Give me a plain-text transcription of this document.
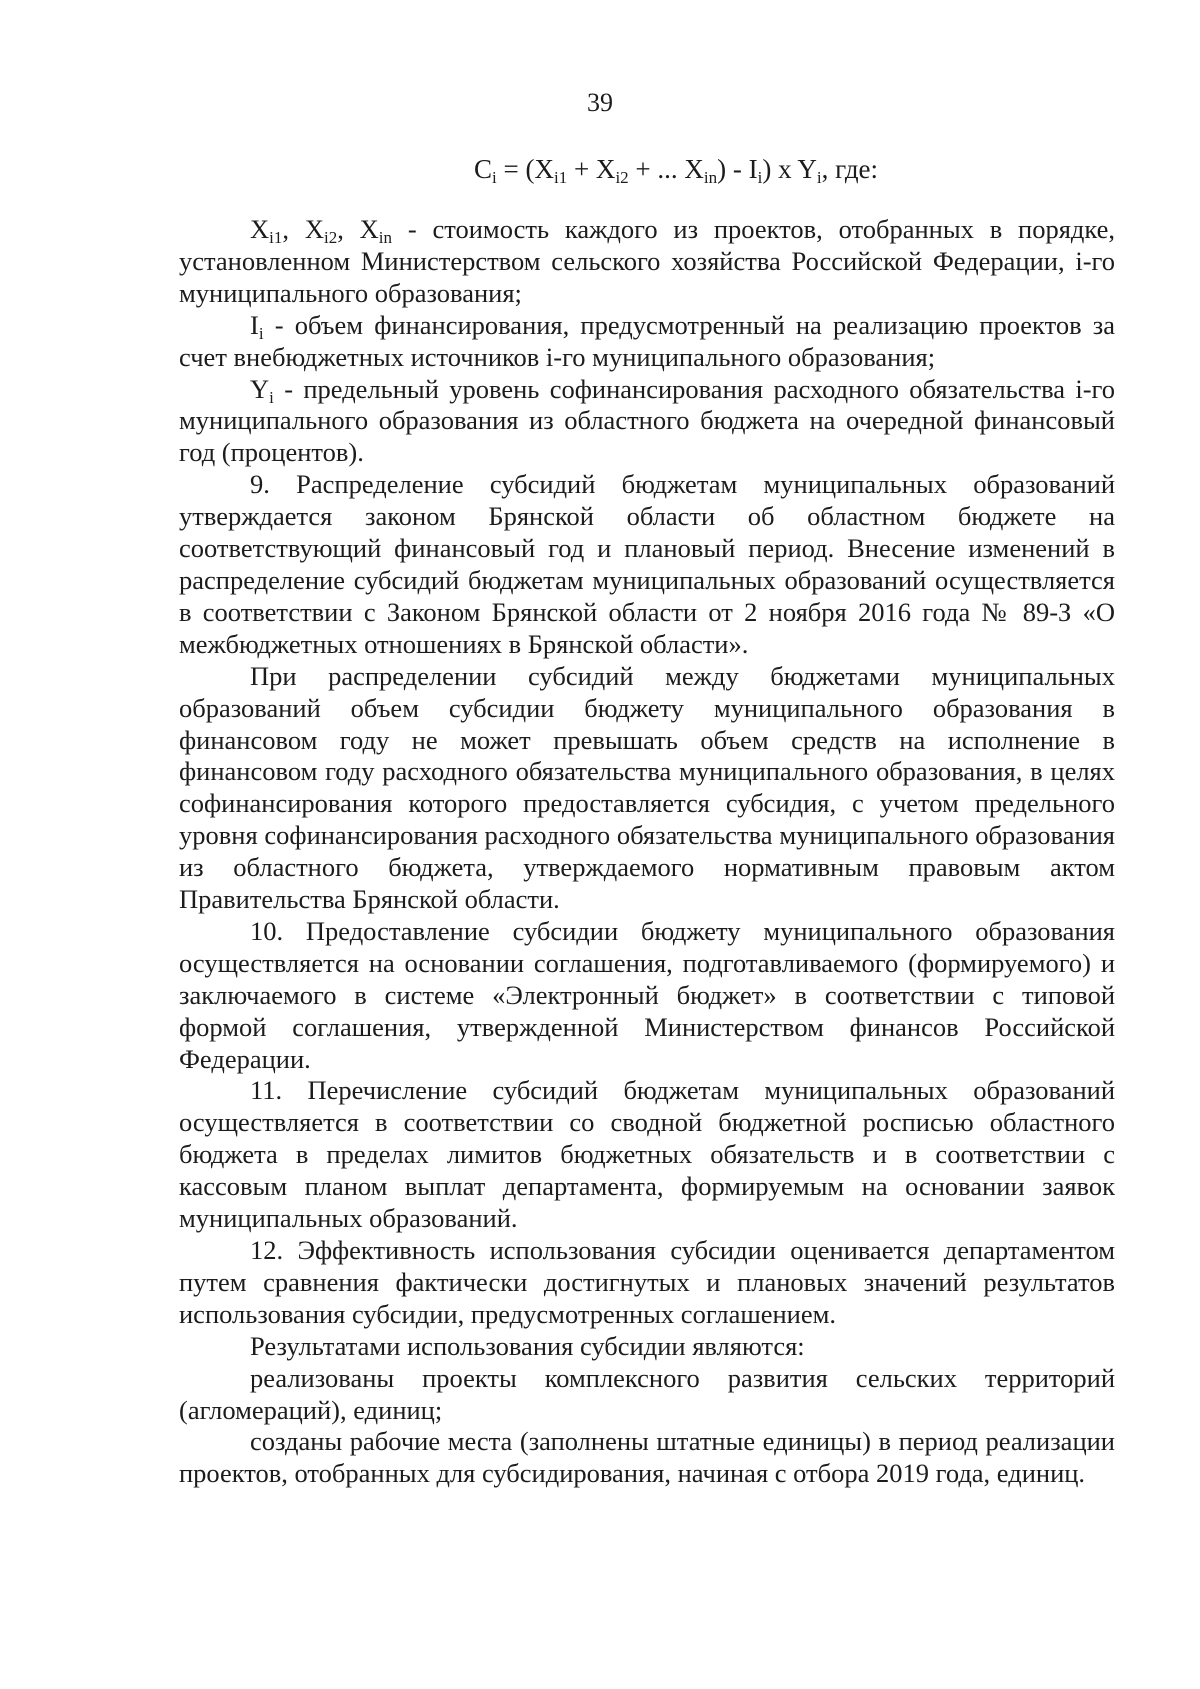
39
$C_i = (X_{i1} + X_{i2}$ + ... $X_{in}) - I_i$) x $Y_i$, где:

$X_{i1}$, $X_{i2}$, $X_{in}$ - стоимость каждого из проектов, отобранных в порядке, установленном Министерством сельского хозяйства Российской Федерации, i-го муниципального образования;

$I_i$ - объем финансирования, предусмотренный на реализацию проектов за счет внебюджетных источников i-го муниципального образования;

$Y_i$ - предельный уровень софинансирования расходного обязательства i-го муниципального образования из областного бюджета на очередной финансовый год (процентов).

9. Распределение субсидий бюджетам муниципальных образований утверждается законом Брянской области об областном бюджете на соответствующий финансовый год и плановый период. Внесение изменений в распределение субсидий бюджетам муниципальных образований осуществляется в соответствии с Законом Брянской области от 2 ноября 2016 года № 89-З «О межбюджетных отношениях в Брянской области».

При распределении субсидий между бюджетами муниципальных образований объем субсидии бюджету муниципального образования в финансовом году не может превышать объем средств на исполнение в финансовом году расходного обязательства муниципального образования, в целях софинансирования которого предоставляется субсидия, с учетом предельного уровня софинансирования расходного обязательства муниципального образования из областного бюджета, утверждаемого нормативным правовым актом Правительства Брянской области.

10. Предоставление субсидии бюджету муниципального образования осуществляется на основании соглашения, подготавливаемого (формируемого) и заключаемого в системе «Электронный бюджет» в соответствии с типовой формой соглашения, утвержденной Министерством финансов Российской Федерации.

11. Перечисление субсидий бюджетам муниципальных образований осуществляется в соответствии со сводной бюджетной росписью областного бюджета в пределах лимитов бюджетных обязательств и в соответствии с кассовым планом выплат департамента, формируемым на основании заявок муниципальных образований.

12. Эффективность использования субсидии оценивается департаментом путем сравнения фактически достигнутых и плановых значений результатов использования субсидии, предусмотренных соглашением.

Результатами использования субсидии являются:

реализованы проекты комплексного развития сельских территорий (агломераций), единиц;

созданы рабочие места (заполнены штатные единицы) в период реализации проектов, отобранных для субсидирования, начиная с отбора 2019 года, единиц.
